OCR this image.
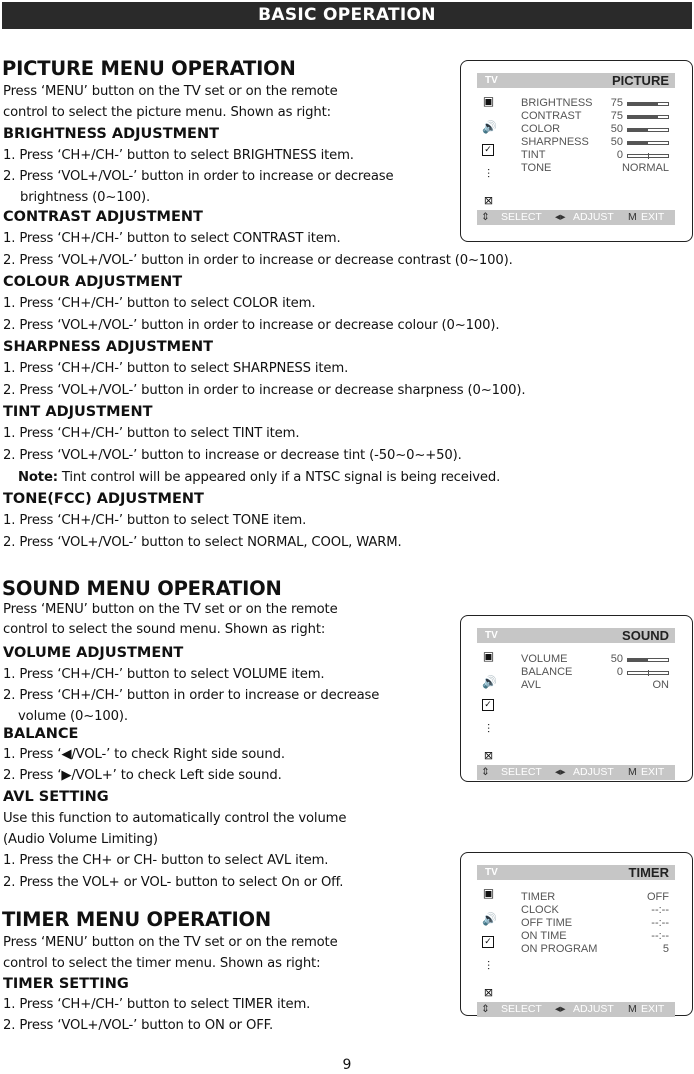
BASIC OPERATION
PICTURE MENU OPERATION
Press ‘MENU’ button on the TV set or on the remote
control to select the picture menu. Shown as right:
BRIGHTNESS ADJUSTMENT
1. Press ‘CH+/CH-’ button to select BRIGHTNESS item.
2. Press ‘VOL+/VOL-’ button in order to increase or decrease
brightness (0~100).
CONTRAST ADJUSTMENT
1. Press ‘CH+/CH-’ button to select CONTRAST item.
2. Press ‘VOL+/VOL-’ button in order to increase or decrease contrast (0~100).
COLOUR ADJUSTMENT
1. Press ‘CH+/CH-’ button to select COLOR item.
2. Press ‘VOL+/VOL-’ button in order to increase or decrease colour (0~100).
SHARPNESS ADJUSTMENT
1. Press ‘CH+/CH-’ button to select SHARPNESS item.
2. Press ‘VOL+/VOL-’ button in order to increase or decrease sharpness (0~100).
TINT ADJUSTMENT
1. Press ‘CH+/CH-’ button to select TINT item.
2. Press ‘VOL+/VOL-’ button to increase or decrease tint (-50~0~+50).
Note: Tint control will be appeared only if a NTSC signal is being received.
TONE(FCC) ADJUSTMENT
1. Press ‘CH+/CH-’ button to select TONE item.
2. Press ‘VOL+/VOL-’ button to select NORMAL, COOL, WARM.
SOUND MENU OPERATION
Press ‘MENU’ button on the TV set or on the remote
control to select the sound menu. Shown as right:
VOLUME ADJUSTMENT
1. Press ‘CH+/CH-’ button to select VOLUME item.
2. Press ‘CH+/CH-’ button in order to increase or decrease
volume (0~100).
BALANCE
1. Press ‘◀/VOL-’ to check Right side sound.
2. Press ‘▶/VOL+’ to check Left side sound.
AVL SETTING
Use this function to automatically control the volume
(Audio Volume Limiting)
1. Press the CH+ or CH- button to select AVL item.
2. Press the VOL+ or VOL- button to select On or Off.
TIMER MENU OPERATION
Press ‘MENU’ button on the TV set or on the remote
control to select the timer menu. Shown as right:
TIMER SETTING
1. Press ‘CH+/CH-’ button to select TIMER item.
2. Press ‘VOL+/VOL-’ button to ON or OFF.
9
TV	PICTURE
▣
🔊
✓
⫶
⊠
BRIGHTNESS 75
CONTRAST	75
COLOR	50
SHARPNESS 50
TINT	0
TONE	NORMAL
⇕ SELECT ◂▸ ADJUST M EXIT
TV	SOUND
▣
🔊
✓
⫶
⊠
VOLUME	50
BALANCE	0
AVL	ON
⇕ SELECT ◂▸ ADJUST M EXIT
TV	TIMER
▣
🔊
✓
⫶
⊠
TIMER	OFF
CLOCK	--:--
OFF TIME	--:--
ON TIME	--:--
ON PROGRAM	5
⇕ SELECT ◂▸ ADJUST M EXIT
